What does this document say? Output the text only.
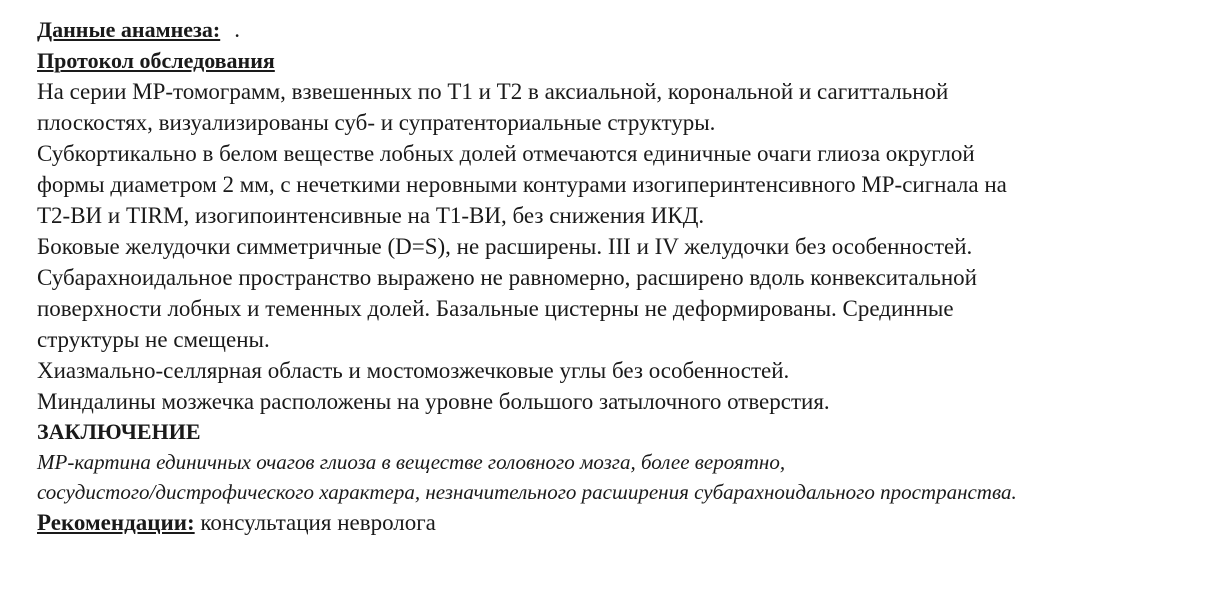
Данные анамнеза: .
Протокол обследования
На серии МР-томограмм, взвешенных по Т1 и Т2 в аксиальной, корональной и сагиттальной
плоскостях, визуализированы суб- и супратенториальные структуры.
Субкортикально в белом веществе лобных долей отмечаются единичные очаги глиоза округлой
формы диаметром 2 мм, с нечеткими неровными контурами изогиперинтенсивного МР-сигнала на
Т2-ВИ и TIRM, изогипоинтенсивные на Т1-ВИ, без снижения ИКД.
Боковые желудочки симметричные (D=S), не расширены. III и IV желудочки без особенностей.
Субарахноидальное пространство выражено не равномерно, расширено вдоль конвекситальной
поверхности лобных и теменных долей. Базальные цистерны не деформированы. Срединные
структуры не смещены.
Хиазмально-селлярная область и мостомозжечковые углы без особенностей.
Миндалины мозжечка расположены на уровне большого затылочного отверстия.
ЗАКЛЮЧЕНИЕ
МР-картина единичных очагов глиоза в веществе головного мозга, более вероятно,
сосудистого/дистрофического характера, незначительного расширения субарахноидального пространства.
Рекомендации: консультация невролога
